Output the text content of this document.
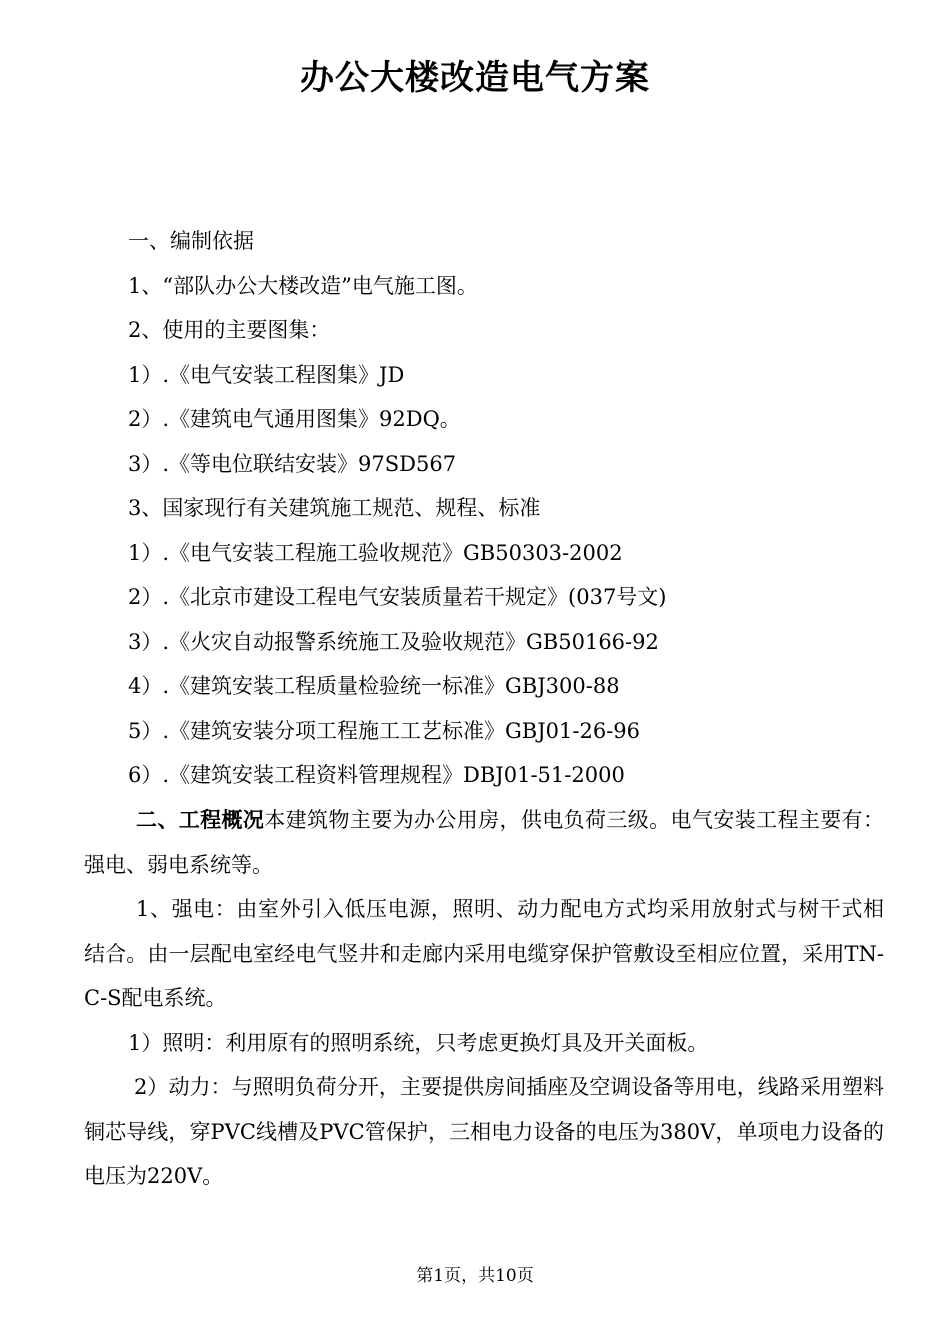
办公大楼改造电气方案

一、编制依据

1、“部队办公大楼改造”电气施工图。

2、使用的主要图集：

1）.《电气安装工程图集》JD

2）.《建筑电气通用图集》92DQ。

3）.《等电位联结安装》97SD567

3、国家现行有关建筑施工规范、规程、标准

1）.《电气安装工程施工验收规范》GB50303-2002

2）.《北京市建设工程电气安装质量若干规定》(037号文)

3）.《火灾自动报警系统施工及验收规范》GB50166-92

4）.《建筑安装工程质量检验统一标准》GBJ300-88

5）.《建筑安装分项工程施工工艺标准》GBJ01-26-96

6）.《建筑安装工程资料管理规程》DBJ01-51-2000

二、工程概况本建筑物主要为办公用房，供电负荷三级。电气安装工程主要有：强电、弱电系统等。

1、强电：由室外引入低压电源，照明、动力配电方式均采用放射式与树干式相结合。由一层配电室经电气竖井和走廊内采用电缆穿保护管敷设至相应位置，采用TN-C-S配电系统。

1）照明：利用原有的照明系统，只考虑更换灯具及开关面板。

2）动力：与照明负荷分开，主要提供房间插座及空调设备等用电，线路采用塑料铜芯导线，穿PVC线槽及PVC管保护，三相电力设备的电压为380V，单项电力设备的电压为220V。

第1页，共10页
